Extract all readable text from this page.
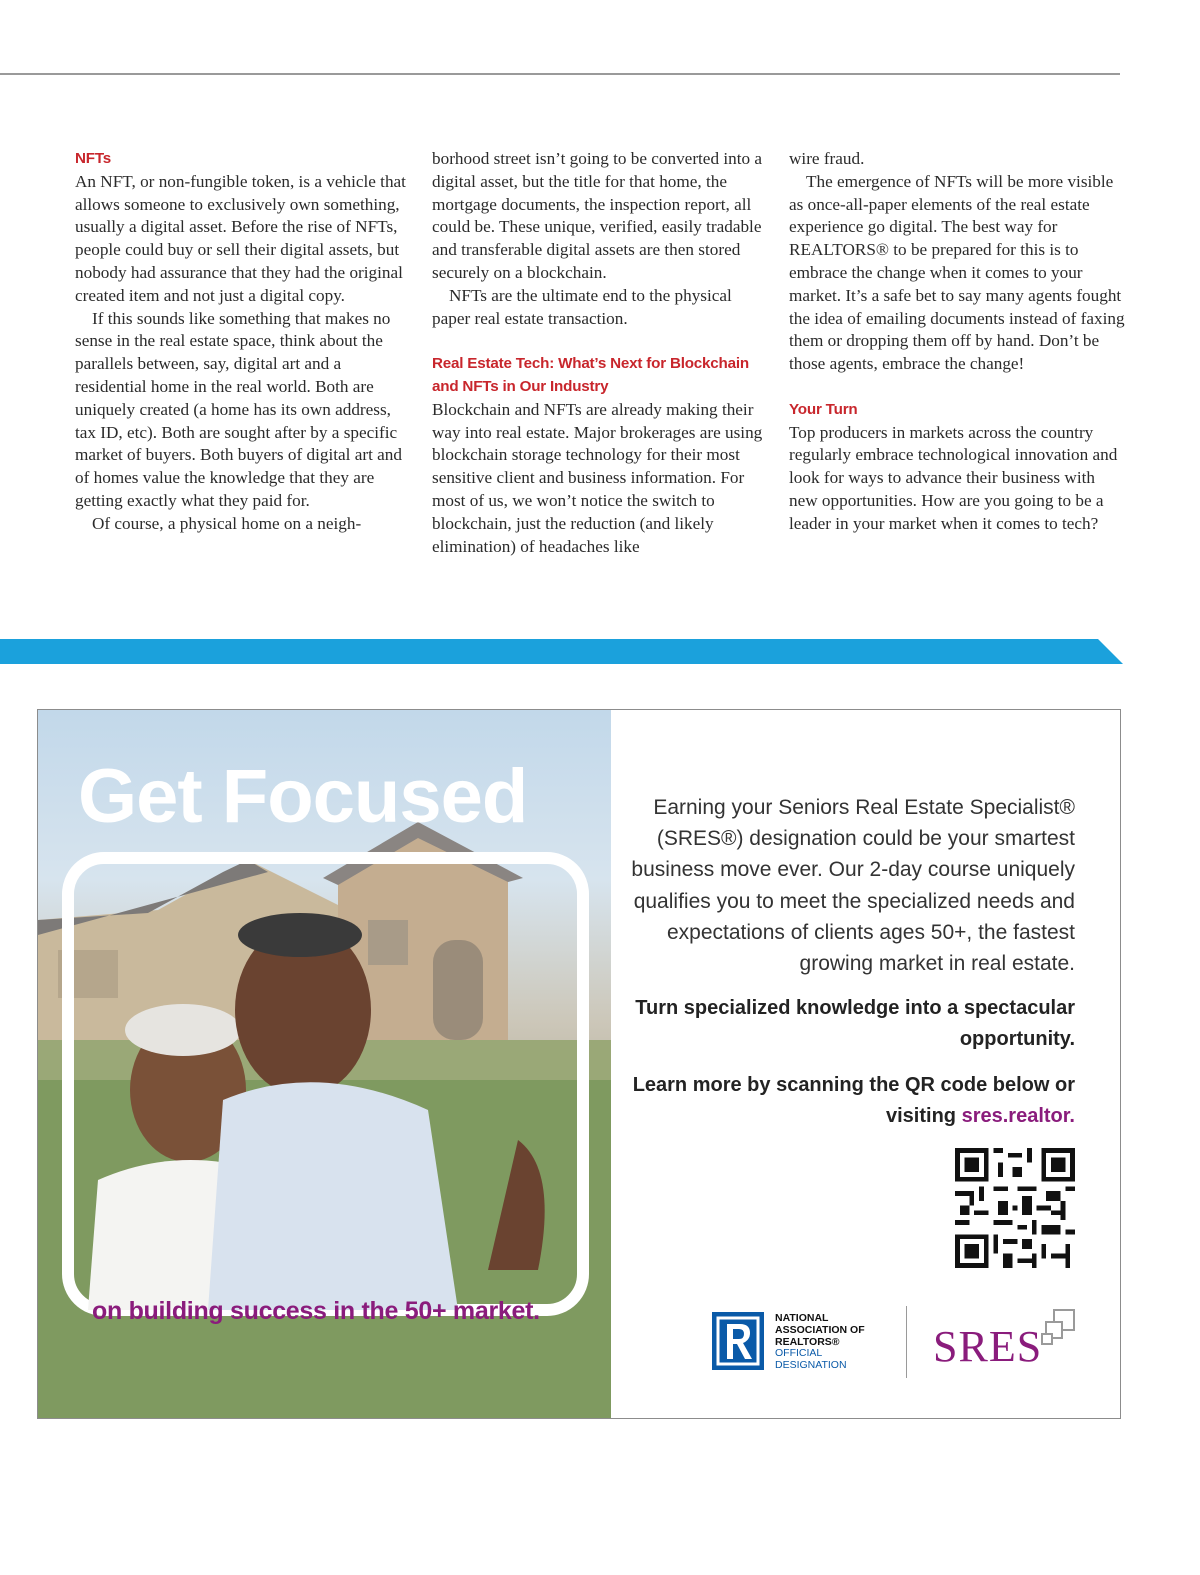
NFTs

An NFT, or non-fungible token, is a vehicle that allows someone to exclusively own something, usually a digital asset. Before the rise of NFTs, people could buy or sell their digital assets, but nobody had assurance that they had the original created item and not just a digital copy.

If this sounds like something that makes no sense in the real estate space, think about the parallels between, say, digital art and a residential home in the real world. Both are uniquely created (a home has its own address, tax ID, etc). Both are sought after by a specific market of buyers. Both buyers of digital art and of homes value the knowledge that they are getting exactly what they paid for.

Of course, a physical home on a neigh-

borhood street isn’t going to be converted into a digital asset, but the title for that home, the mortgage documents, the inspection report, all could be. These unique, verified, easily tradable and transferable digital assets are then stored securely on a blockchain.

NFTs are the ultimate end to the physical paper real estate transaction.

Real Estate Tech: What’s Next for Blockchain and NFTs in Our Industry

Blockchain and NFTs are already making their way into real estate. Major brokerages are using blockchain storage technology for their most sensitive client and business information. For most of us, we won’t notice the switch to blockchain, just the reduction (and likely elimination) of headaches like

wire fraud.

The emergence of NFTs will be more visible as once-all-paper elements of the real estate experience go digital. The best way for REALTORS® to be prepared for this is to embrace the change when it comes to your market. It’s a safe bet to say many agents fought the idea of emailing documents instead of faxing them or dropping them off by hand. Don’t be those agents, embrace the change!

Your Turn

Top producers in markets across the country regularly embrace technological innovation and look for ways to advance their business with new opportunities. How are you going to be a leader in your market when it comes to tech?

Get Focused
on building success in the 50+ market.
Earning your Seniors Real Estate Specialist® (SRES®) designation could be your smartest business move ever. Our 2-day course uniquely qualifies you to meet the specialized needs and expectations of clients ages 50+, the fastest growing market in real estate.
Turn specialized knowledge into a spectacular opportunity.
Learn more by scanning the QR code below or visiting sres.realtor.
NATIONAL
ASSOCIATION OF
REALTORS®
OFFICIAL
DESIGNATION	SRES
